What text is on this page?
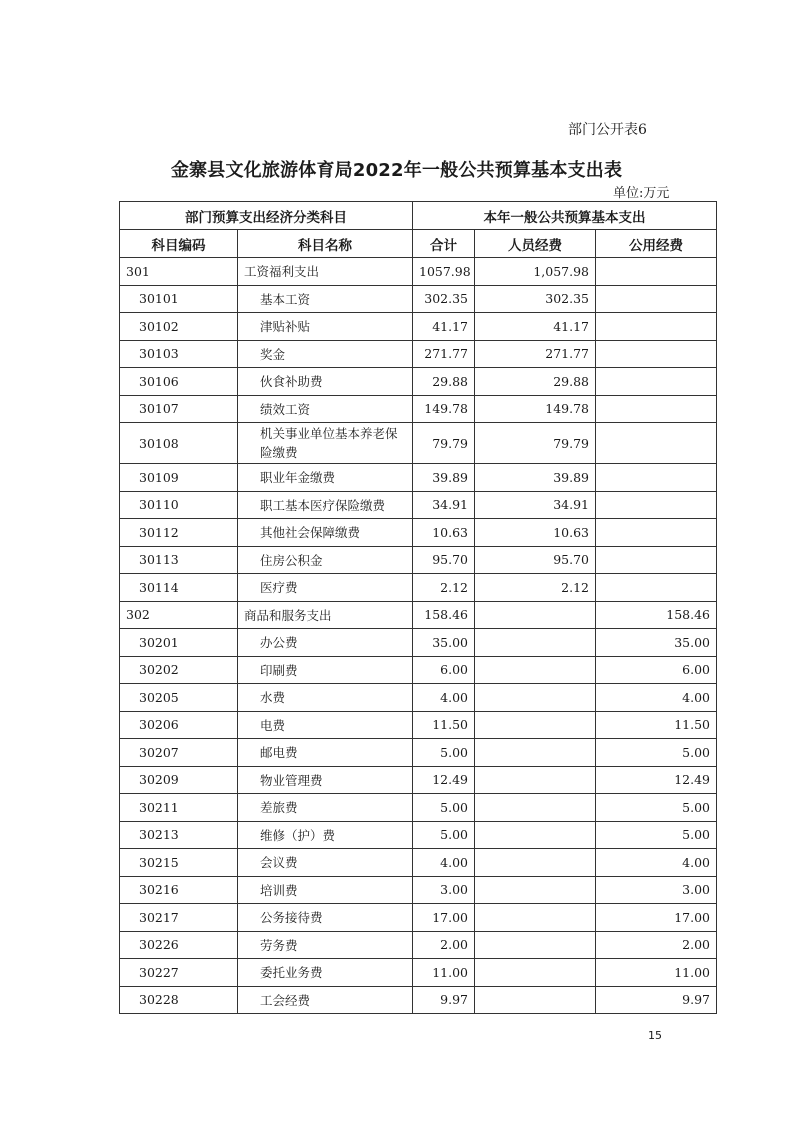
部门公开表6
金寨县文化旅游体育局2022年一般公共预算基本支出表
单位:万元
部门预算支出经济分类科目		本年一般公共预算基本支出		
科目编码	科目名称	合计	人员经费	公用经费
301	工资福利支出	1057.98	1,057.98	
30101	基本工资	302.35	302.35	
30102	津贴补贴	41.17	41.17	
30103	奖金	271.77	271.77	
30106	伙食补助费	29.88	29.88	
30107	绩效工资	149.78	149.78	
30108	机关事业单位基本养老保险缴费	79.79	79.79	
30109	职业年金缴费	39.89	39.89	
30110	职工基本医疗保险缴费	34.91	34.91	
30112	其他社会保障缴费	10.63	10.63	
30113	住房公积金	95.70	95.70	
30114	医疗费	2.12	2.12	
302	商品和服务支出	158.46		158.46
30201	办公费	35.00		35.00
30202	印刷费	6.00		6.00
30205	水费	4.00		4.00
30206	电费	11.50		11.50
30207	邮电费	5.00		5.00
30209	物业管理费	12.49		12.49
30211	差旅费	5.00		5.00
30213	维修（护）费	5.00		5.00
30215	会议费	4.00		4.00
30216	培训费	3.00		3.00
30217	公务接待费	17.00		17.00
30226	劳务费	2.00		2.00
30227	委托业务费	11.00		11.00
30228	工会经费	9.97		9.97
15
